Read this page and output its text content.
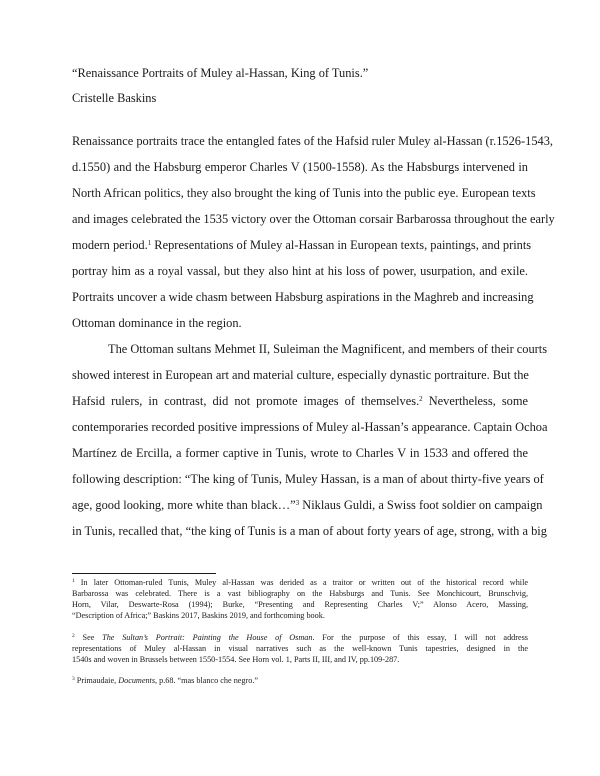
“Renaissance Portraits of Muley al-Hassan, King of Tunis.”
Cristelle Baskins
Renaissance portraits trace the entangled fates of the Hafsid ruler Muley al-Hassan (r.1526-1543,
d.1550) and the Habsburg emperor Charles V (1500-1558). As the Habsburgs intervened in
North African politics, they also brought the king of Tunis into the public eye. European texts
and images celebrated the 1535 victory over the Ottoman corsair Barbarossa throughout the early
modern period.$^1$ Representations of Muley al-Hassan in European texts, paintings, and prints
portray him as a royal vassal, but they also hint at his loss of power, usurpation, and exile.
Portraits uncover a wide chasm between Habsburg aspirations in the Maghreb and increasing
Ottoman dominance in the region.
The Ottoman sultans Mehmet II, Suleiman the Magnificent, and members of their courts
showed interest in European art and material culture, especially dynastic portraiture. But the
Hafsid rulers, in contrast, did not promote images of themselves.$^2$ Nevertheless, some
contemporaries recorded positive impressions of Muley al-Hassan’s appearance. Captain Ochoa
Martínez de Ercilla, a former captive in Tunis, wrote to Charles V in 1533 and offered the
following description: “The king of Tunis, Muley Hassan, is a man of about thirty-five years of
age, good looking, more white than black…”$^3$ Niklaus Guldi, a Swiss foot soldier on campaign
in Tunis, recalled that, “the king of Tunis is a man of about forty years of age, strong, with a big
$^1$ In later Ottoman-ruled Tunis, Muley al-Hassan was derided as a traitor or written out of the historical record while
Barbarossa was celebrated. There is a vast bibliography on the Habsburgs and Tunis. See Monchicourt, Brunschvig,
Horn, Vilar, Deswarte-Rosa (1994); Burke, “Presenting and Representing Charles V;” Alonso Acero, Massing,
“Description of Africa;” Baskins 2017, Baskins 2019, and forthcoming book.
$^2$ See The Sultan’s Portrait: Painting the House of Osman. For the purpose of this essay, I will not address
representations of Muley al-Hassan in visual narratives such as the well-known Tunis tapestries, designed in the
1540s and woven in Brussels between 1550-1554. See Horn vol. 1, Parts II, III, and IV, pp.109-287.
$^3$ Primaudaie, Documents, p.68. “mas blanco che negro.”
